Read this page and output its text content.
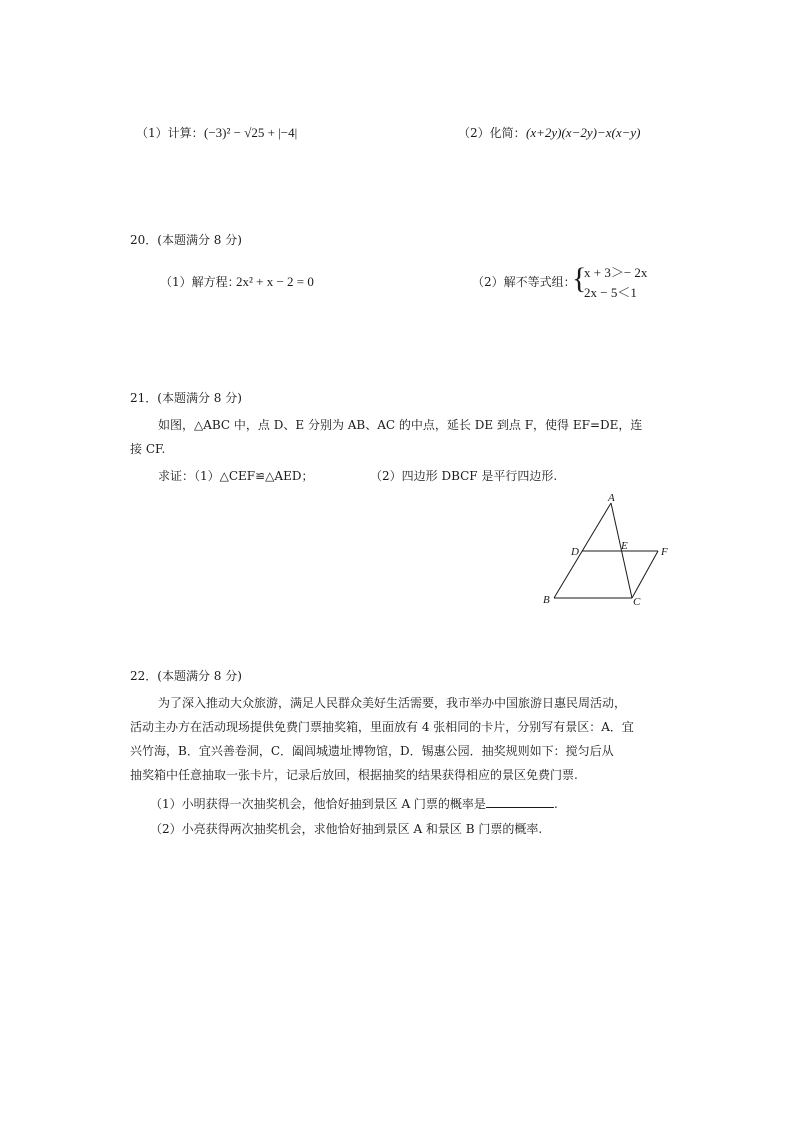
（1）计算： (−3)² − √25 + |−4|	（2）化简： (x+2y)(x−2y)−x(x−y)
20．(本题满分 8 分)
（1）解方程：
2x² + x − 2 = 0	（2）解不等式组：
{
x + 3＞− 2x
2x − 5＜1
21．(本题满分 8 分)
如图，△ABC 中，点 D、E 分别为 AB、AC 的中点，延长 DE 到点 F，使得 EF=DE，连
接 CF.
求证：（1）△CEF≌△AED；	（2）四边形 DBCF 是平行四边形.
A
D	E	F
B	C
22．(本题满分 8 分)
为了深入推动大众旅游，满足人民群众美好生活需要，我市举办中国旅游日惠民周活动，
活动主办方在活动现场提供免费门票抽奖箱，里面放有 4 张相同的卡片，分别写有景区：A．宜
兴竹海，B．宜兴善卷洞，C．阖闾城遗址博物馆，D．锡惠公园．抽奖规则如下：搅匀后从
抽奖箱中任意抽取一张卡片，记录后放回，根据抽奖的结果获得相应的景区免费门票.
（1）小明获得一次抽奖机会，他恰好抽到景区 A 门票的概率是	.
（2）小亮获得两次抽奖机会，求他恰好抽到景区 A 和景区 B 门票的概率.
